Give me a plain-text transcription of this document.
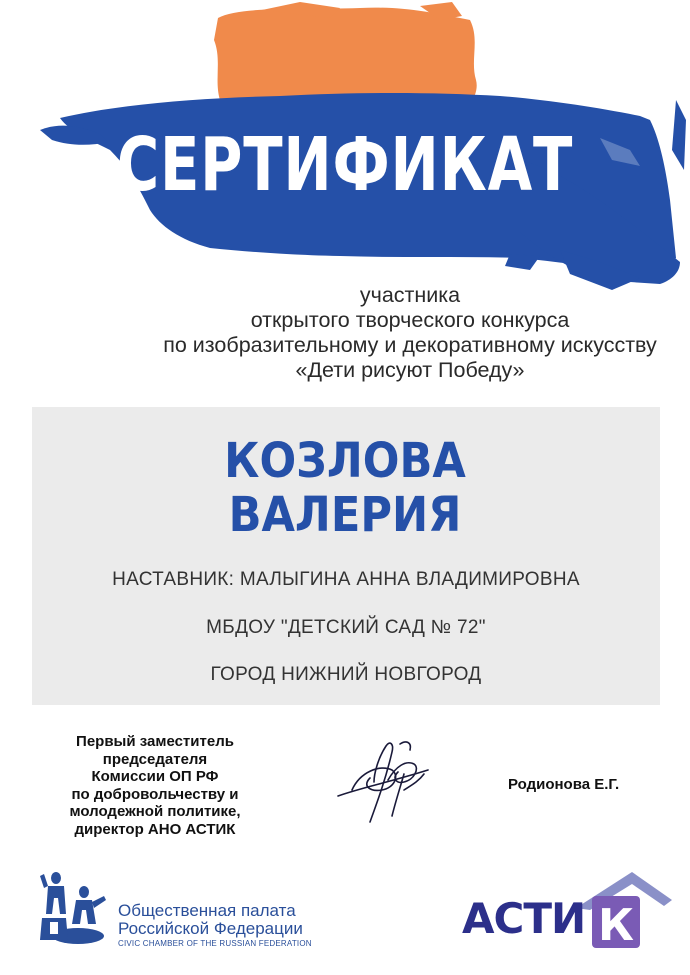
СЕРТИФИКАТ
участника
открытого творческого конкурса
по изобразительному и декоративному искусству
«Дети рисуют Победу»
КОЗЛОВА
ВАЛЕРИЯ
НАСТАВНИК: МАЛЫГИНА АННА ВЛАДИМИРОВНА
МБДОУ "ДЕТСКИЙ САД № 72"
ГОРОД НИЖНИЙ НОВГОРОД
Первый заместитель
председателя
Комиссии ОП РФ
по добровольчеству и
молодежной политике,
директор АНО АСТИК
Родионова Е.Г.
Общественная палата
Российской Федерации
CIVIC CHAMBER OF THE RUSSIAN FEDERATION	К
АСТИ
